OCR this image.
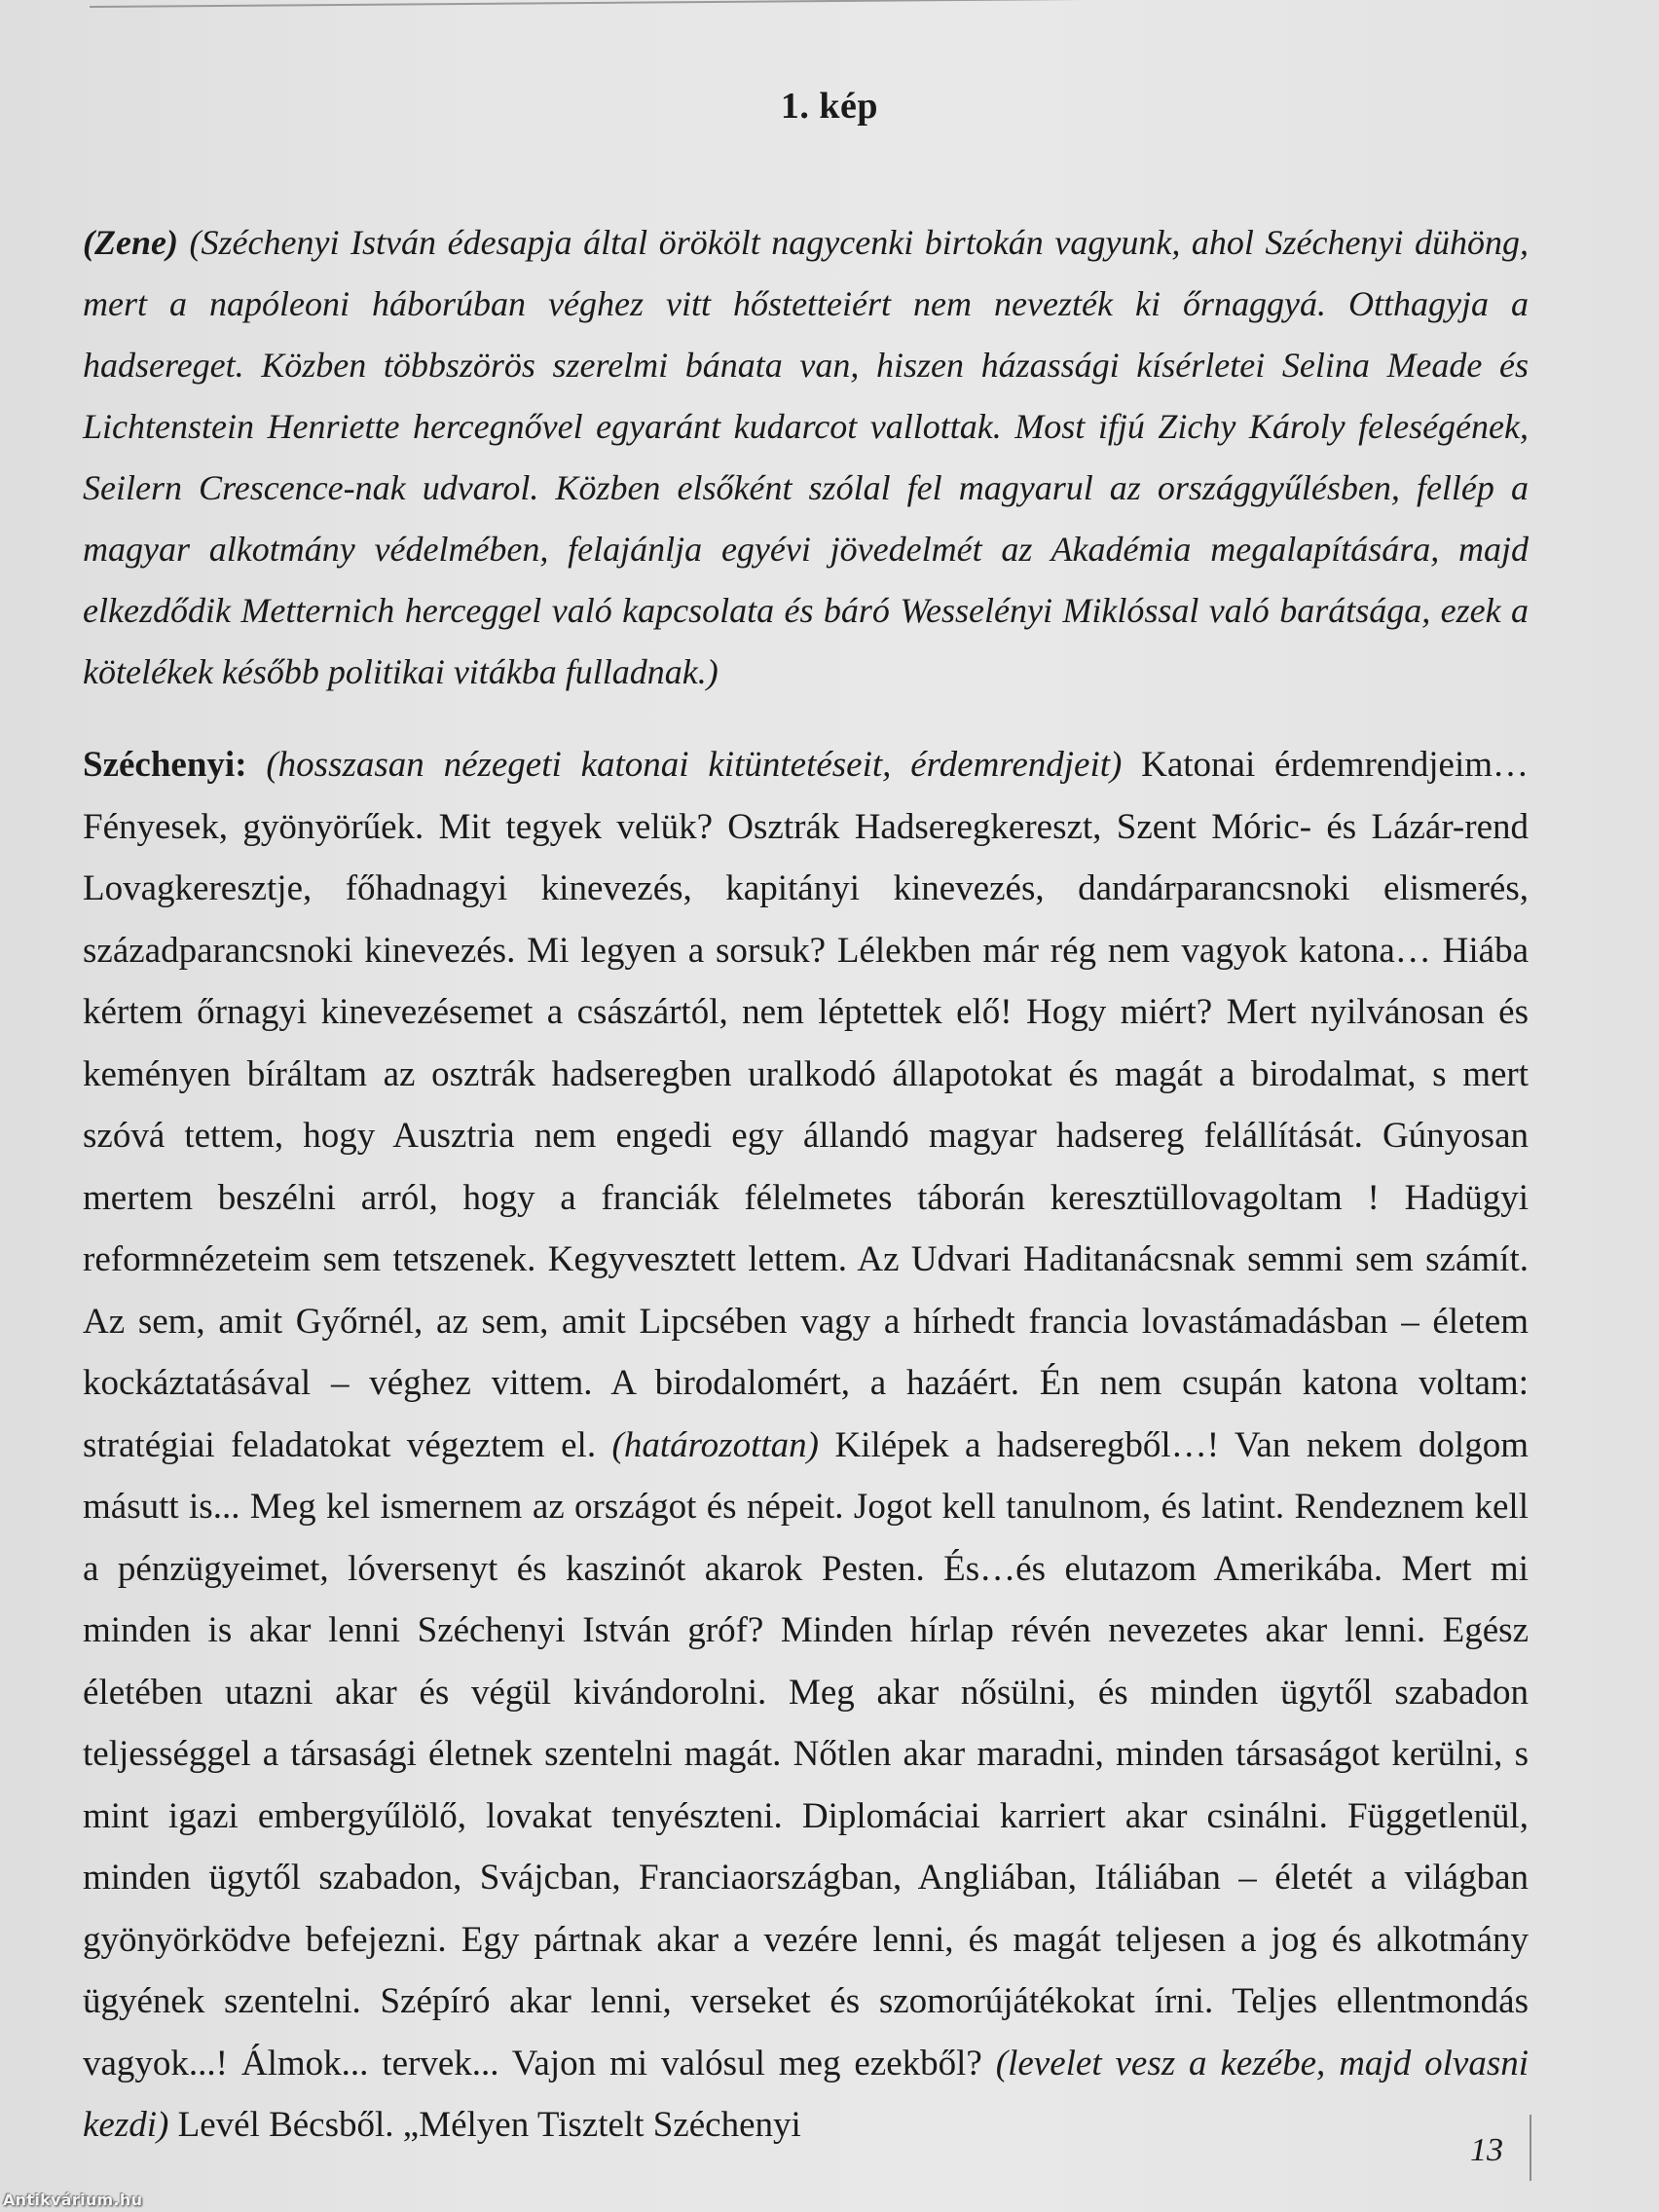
1. kép

(Zene) (Széchenyi István édesapja által örökölt nagycenki birtokán vagyunk, ahol Széchenyi dühöng, mert a napóleoni háborúban véghez vitt hőstetteiért nem nevezték ki őrnaggyá. Otthagyja a hadsereget. Közben többszörös szerelmi bánata van, hiszen házassági kísérletei Selina Meade és Lichtenstein Henriette hercegnővel egyaránt kudarcot vallottak. Most ifjú Zichy Károly feleségének, Seilern Crescence-nak udvarol. Közben elsőként szólal fel magyarul az országgyűlésben, fellép a magyar alkotmány védelmében, felajánlja egyévi jövedelmét az Akadémia megalapítására, majd elkezdődik Metternich herceggel való kapcsolata és báró Wesselényi Miklóssal való barátsága, ezek a kötelékek később politikai vitákba fulladnak.)

Széchenyi: (hosszasan nézegeti katonai kitüntetéseit, érdemrendjeit) Katonai érdemrendjeim… Fényesek, gyönyörűek. Mit tegyek velük? Osztrák Hadseregkereszt, Szent Móric- és Lázár-rend Lovagkeresztje, főhadnagyi kinevezés, kapitányi kinevezés, dandárparancsnoki elismerés, századparancsnoki kinevezés. Mi legyen a sorsuk? Lélekben már rég nem vagyok katona… Hiába kértem őrnagyi kinevezésemet a császártól, nem léptettek elő! Hogy miért? Mert nyilvánosan és keményen bíráltam az osztrák hadseregben uralkodó állapotokat és magát a birodalmat, s mert szóvá tettem, hogy Ausztria nem engedi egy állandó magyar hadsereg felállítását. Gúnyosan mertem beszélni arról, hogy a franciák félelmetes táborán keresztüllovagoltam ! Hadügyi reformnézeteim sem tetszenek. Kegyvesztett lettem. Az Udvari Haditanácsnak semmi sem számít. Az sem, amit Győrnél, az sem, amit Lipcsében vagy a hírhedt francia lovastámadásban – életem kockáztatásával – véghez vittem. A birodalomért, a hazáért. Én nem csupán katona voltam: stratégiai feladatokat végeztem el. (határozottan) Kilépek a hadseregből…! Van nekem dolgom másutt is... Meg kel ismernem az országot és népeit. Jogot kell tanulnom, és latint. Rendeznem kell a pénzügyeimet, lóversenyt és kaszinót akarok Pesten. És…és elutazom Amerikába. Mert mi minden is akar lenni Széchenyi István gróf? Minden hírlap révén nevezetes akar lenni. Egész életében utazni akar és végül kivándorolni. Meg akar nősülni, és minden ügytől szabadon teljességgel a társasági életnek szentelni magát. Nőtlen akar maradni, minden társaságot kerülni, s mint igazi embergyűlölő, lovakat tenyészteni. Diplomáciai karriert akar csinálni. Függetlenül, minden ügytől szabadon, Svájcban, Franciaországban, Angliában, Itáliában – életét a világban gyönyörködve befejezni. Egy pártnak akar a vezére lenni, és magát teljesen a jog és alkotmány ügyének szentelni. Szépíró akar lenni, verseket és szomorújátékokat írni. Teljes ellentmondás vagyok...! Álmok... tervek... Vajon mi valósul meg ezekből? (levelet vesz a kezébe, majd olvasni kezdi) Levél Bécsből. „Mélyen Tisztelt Széchenyi

13
Antikvárium.hu
